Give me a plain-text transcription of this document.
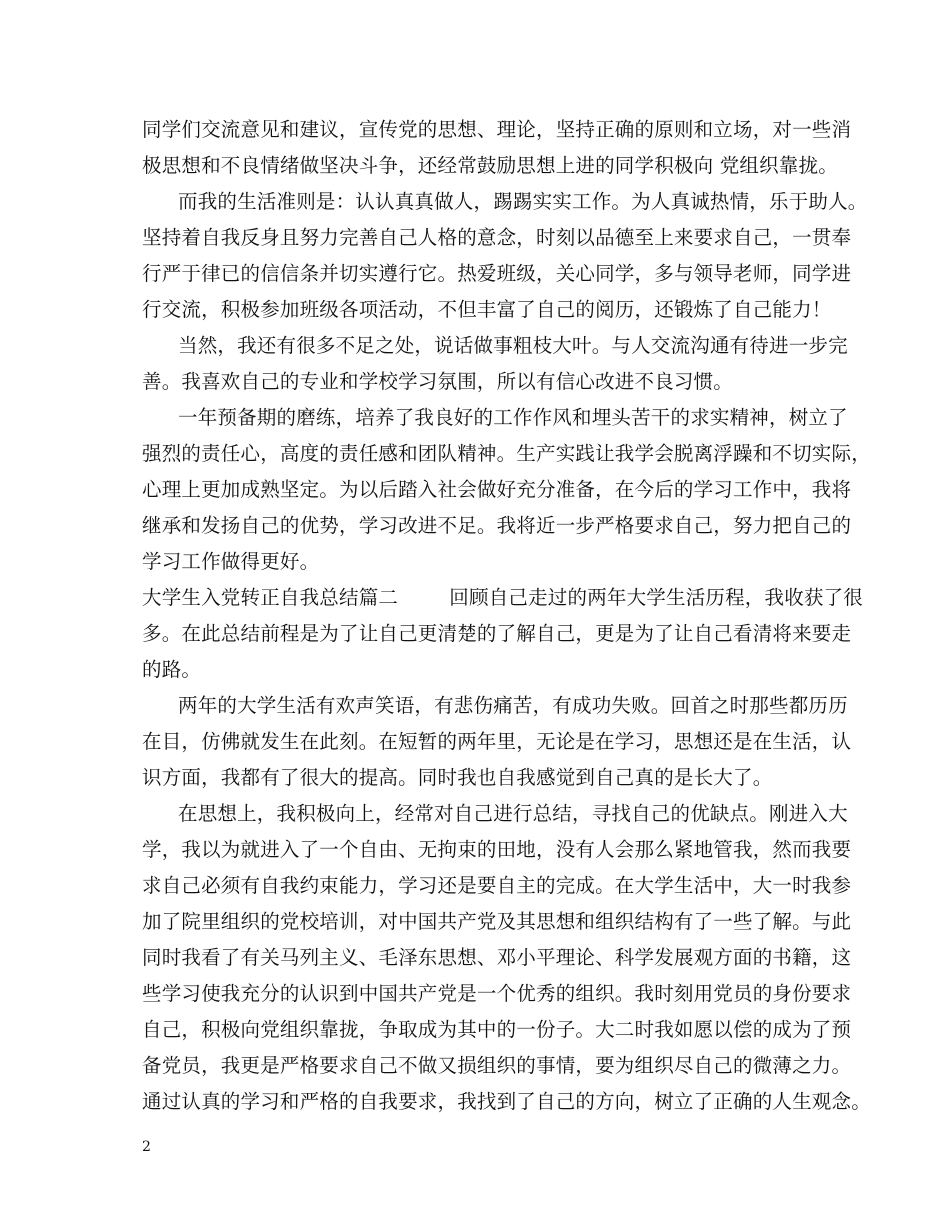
同学们交流意见和建议，宣传党的思想、理论，坚持正确的原则和立场，对一些消
极思想和不良情绪做坚决斗争，还经常鼓励思想上进的同学积极向 党组织靠拢。
而我的生活准则是：认认真真做人，踢踢实实工作。为人真诚热情，乐于助人。
坚持着自我反身且努力完善自己人格的意念，时刻以品德至上来要求自己，一贯奉
行严于律已的信信条并切实遵行它。热爱班级，关心同学，多与领导老师，同学进
行交流，积极参加班级各项活动，不但丰富了自己的阅历，还锻炼了自己能力！
当然，我还有很多不足之处，说话做事粗枝大叶。与人交流沟通有待进一步完
善。我喜欢自己的专业和学校学习氛围，所以有信心改进不良习惯。
一年预备期的磨练，培养了我良好的工作作风和埋头苦干的求实精神，树立了
强烈的责任心，高度的责任感和团队精神。生产实践让我学会脱离浮躁和不切实际，
心理上更加成熟坚定。为以后踏入社会做好充分准备，在今后的学习工作中，我将
继承和发扬自己的优势，学习改进不足。我将近一步严格要求自己，努力把自己的
学习工作做得更好。
大学生入党转正自我总结篇二        回顾自己走过的两年大学生活历程，我收获了很
多。在此总结前程是为了让自己更清楚的了解自己，更是为了让自己看清将来要走
的路。
两年的大学生活有欢声笑语，有悲伤痛苦，有成功失败。回首之时那些都历历
在目，仿佛就发生在此刻。在短暂的两年里，无论是在学习，思想还是在生活，认
识方面，我都有了很大的提高。同时我也自我感觉到自己真的是长大了。
在思想上，我积极向上，经常对自己进行总结，寻找自己的优缺点。刚进入大
学，我以为就进入了一个自由、无拘束的田地，没有人会那么紧地管我，然而我要
求自己必须有自我约束能力，学习还是要自主的完成。在大学生活中，大一时我参
加了院里组织的党校培训，对中国共产党及其思想和组织结构有了一些了解。与此
同时我看了有关马列主义、毛泽东思想、邓小平理论、科学发展观方面的书籍，这
些学习使我充分的认识到中国共产党是一个优秀的组织。我时刻用党员的身份要求
自己，积极向党组织靠拢，争取成为其中的一份子。大二时我如愿以偿的成为了预
备党员，我更是严格要求自己不做又损组织的事情，要为组织尽自己的微薄之力。
通过认真的学习和严格的自我要求，我找到了自己的方向，树立了正确的人生观念。
2
